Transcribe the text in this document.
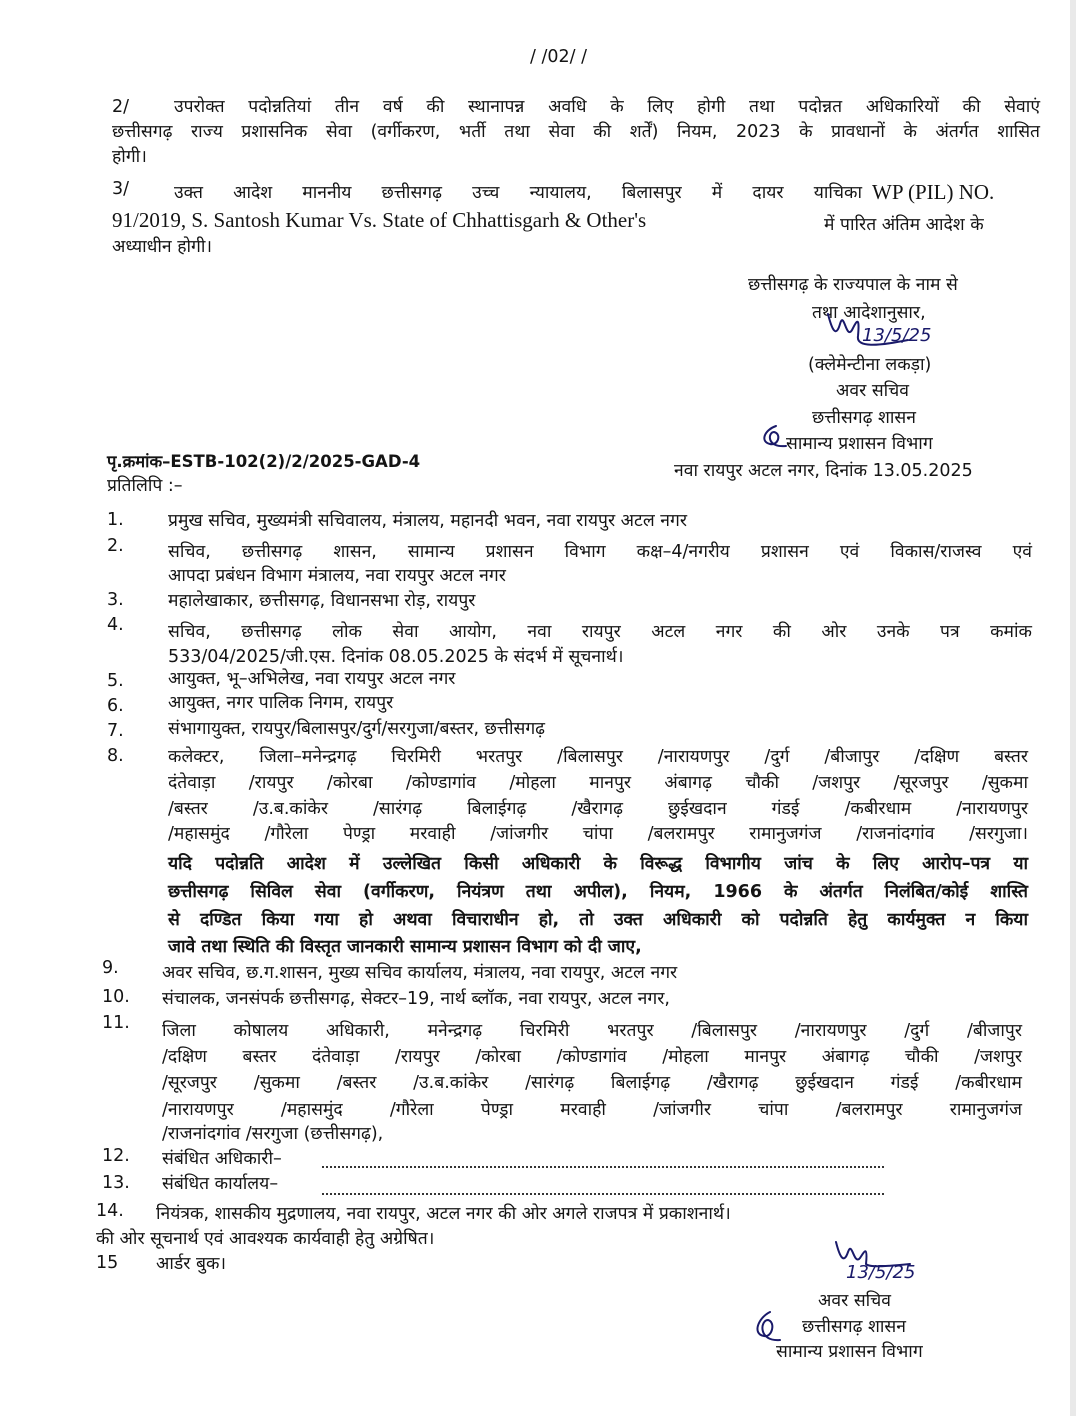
/ /02/ /
2/	उपरोक्त पदोन्नतियां तीन वर्ष की स्थानापन्न अवधि के लिए होगी तथा पदोन्नत अधिकारियों की सेवाएं
छत्तीसगढ़ राज्य प्रशासनिक सेवा (वर्गीकरण, भर्ती तथा सेवा की शर्तें) नियम, 2023 के प्रावधानों के अंतर्गत शासित
होगी।
3/	उक्त आदेश माननीय छत्तीसगढ़ उच्च न्यायालय, बिलासपुर में दायर याचिका WP (PIL) NO.
91/2019, S. Santosh Kumar Vs. State of Chhattisgarh & Other's	में पारित अंतिम आदेश के
अध्याधीन होगी।
छत्तीसगढ़ के राज्यपाल के नाम से
तथा आदेशानुसार,
13/5/25
(क्लेमेन्टीना लकड़ा)
अवर सचिव
छत्तीसगढ़ शासन
सामान्य प्रशासन विभाग
पृ.क्रमांक–ESTB-102(2)/2/2025-GAD-4	नवा रायपुर अटल नगर, दिनांक 13.05.2025
प्रतिलिपि :–
1.	प्रमुख सचिव, मुख्यमंत्री सचिवालय, मंत्रालय, महानदी भवन, नवा रायपुर अटल नगर
2.	सचिव, छत्तीसगढ़ शासन, सामान्य प्रशासन विभाग कक्ष–4/नगरीय प्रशासन एवं विकास/राजस्व एवं
आपदा प्रबंधन विभाग मंत्रालय, नवा रायपुर अटल नगर
3.	महालेखाकार, छत्तीसगढ़, विधानसभा रोड़, रायपुर
4.	सचिव, छत्तीसगढ़ लोक सेवा आयोग, नवा रायपुर अटल नगर की ओर उनके पत्र कमांक
533/04/2025/जी.एस. दिनांक 08.05.2025 के संदर्भ में सूचनार्थ।
5.	आयुक्त, भू–अभिलेख, नवा रायपुर अटल नगर
6.	आयुक्त, नगर पालिक निगम, रायपुर
7.	संभागायुक्त, रायपुर/बिलासपुर/दुर्ग/सरगुजा/बस्तर, छत्तीसगढ़
8.	कलेक्टर, जिला–मनेन्द्रगढ़ चिरमिरी भरतपुर /बिलासपुर /नारायणपुर /दुर्ग /बीजापुर /दक्षिण बस्तर
दंतेवाड़ा /रायपुर /कोरबा /कोण्डागांव /मोहला मानपुर अंबागढ़ चौकी /जशपुर /सूरजपुर /सुकमा
/बस्तर /उ.ब.कांकेर /सारंगढ़ बिलाईगढ़ /खैरागढ़ छुईखदान गंडई /कबीरधाम /नारायणपुर
/महासमुंद /गौरेला पेण्ड्रा मरवाही /जांजगीर चांपा /बलरामपुर रामानुजगंज /राजनांदगांव /सरगुजा।
यदि पदोन्नति आदेश में उल्लेखित किसी अधिकारी के विरूद्ध विभागीय जांच के लिए आरोप–पत्र या
छत्तीसगढ़ सिविल सेवा (वर्गीकरण, नियंत्रण तथा अपील), नियम, 1966 के अंतर्गत निलंबित/कोई शास्ति
से दण्डित किया गया हो अथवा विचाराधीन हो, तो उक्त अधिकारी को पदोन्नति हेतु कार्यमुक्त न किया
जावे तथा स्थिति की विस्तृत जानकारी सामान्य प्रशासन विभाग को दी जाए,
9. अवर सचिव, छ.ग.शासन, मुख्य सचिव कार्यालय, मंत्रालय, नवा रायपुर, अटल नगर
10. संचालक, जनसंपर्क छत्तीसगढ़, सेक्टर–19, नार्थ ब्लॉक, नवा रायपुर, अटल नगर,
11. जिला कोषालय अधिकारी, मनेन्द्रगढ़ चिरमिरी भरतपुर /बिलासपुर /नारायणपुर /दुर्ग /बीजापुर
/दक्षिण बस्तर दंतेवाड़ा /रायपुर /कोरबा /कोण्डागांव /मोहला मानपुर अंबागढ़ चौकी /जशपुर
/सूरजपुर /सुकमा /बस्तर /उ.ब.कांकेर /सारंगढ़ बिलाईगढ़ /खैरागढ़ छुईखदान गंडई /कबीरधाम
/नारायणपुर /महासमुंद /गौरेला पेण्ड्रा मरवाही /जांजगीर चांपा /बलरामपुर रामानुजगंज
/राजनांदगांव /सरगुजा (छत्तीसगढ़),
12. संबंधित अधिकारी–
13. संबंधित कार्यालय–
14. नियंत्रक, शासकीय मुद्रणालय, नवा रायपुर, अटल नगर की ओर अगले राजपत्र में प्रकाशनार्थ।
की ओर सूचनार्थ एवं आवश्यक कार्यवाही हेतु अग्रेषित।
15 आर्डर बुक।	13/5/25
अवर सचिव
छत्तीसगढ़ शासन
सामान्य प्रशासन विभाग
